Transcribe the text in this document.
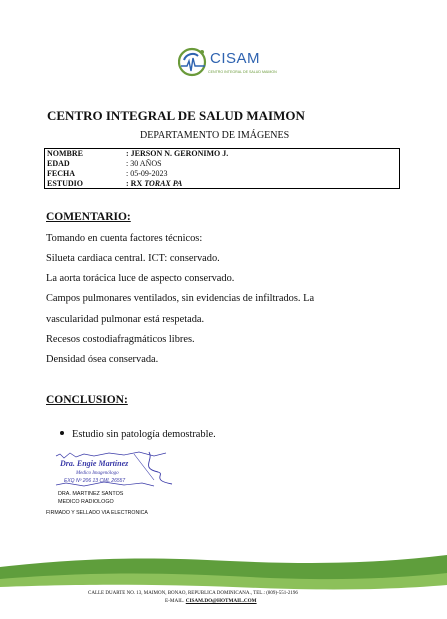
CISAM
CENTRO INTEGRAL DE SALUD MAIMON
CENTRO INTEGRAL DE SALUD MAIMON
DEPARTAMENTO DE IMÁGENES
NOMBRE	: JERSON N. GERONIMO J.
EDAD	: 30 AÑOS
FECHA	: 05-09-2023
ESTUDIO	: RX TORAX PA
COMENTARIO:
Tomando en cuenta factores técnicos:
Silueta cardiaca central. ICT: conservado.
La aorta torácica luce de aspecto conservado.
Campos pulmonares ventilados, sin evidencias de infiltrados. La
vascularidad pulmonar está respetada.
Recesos costodiafragmáticos libres.
Densidad ósea conservada.
CONCLUSION:
Estudio sin patología demostrable.
Dra. Engie Martínez
Medico Imagenólogo
EXQ Nº 206 13 CML 26557
DRA. MARTINEZ SANTOS
MEDICO RADIOLOGO
FIRMADO Y SELLADO VIA ELECTRONICA
CALLE DUARTE NO. 13, MAIMON, BONAO, REPUBLICA DOMINICANA., TEL.: (809)-551-2196
E-MAIL. CISAM.DO@HOTMAIL.COM
